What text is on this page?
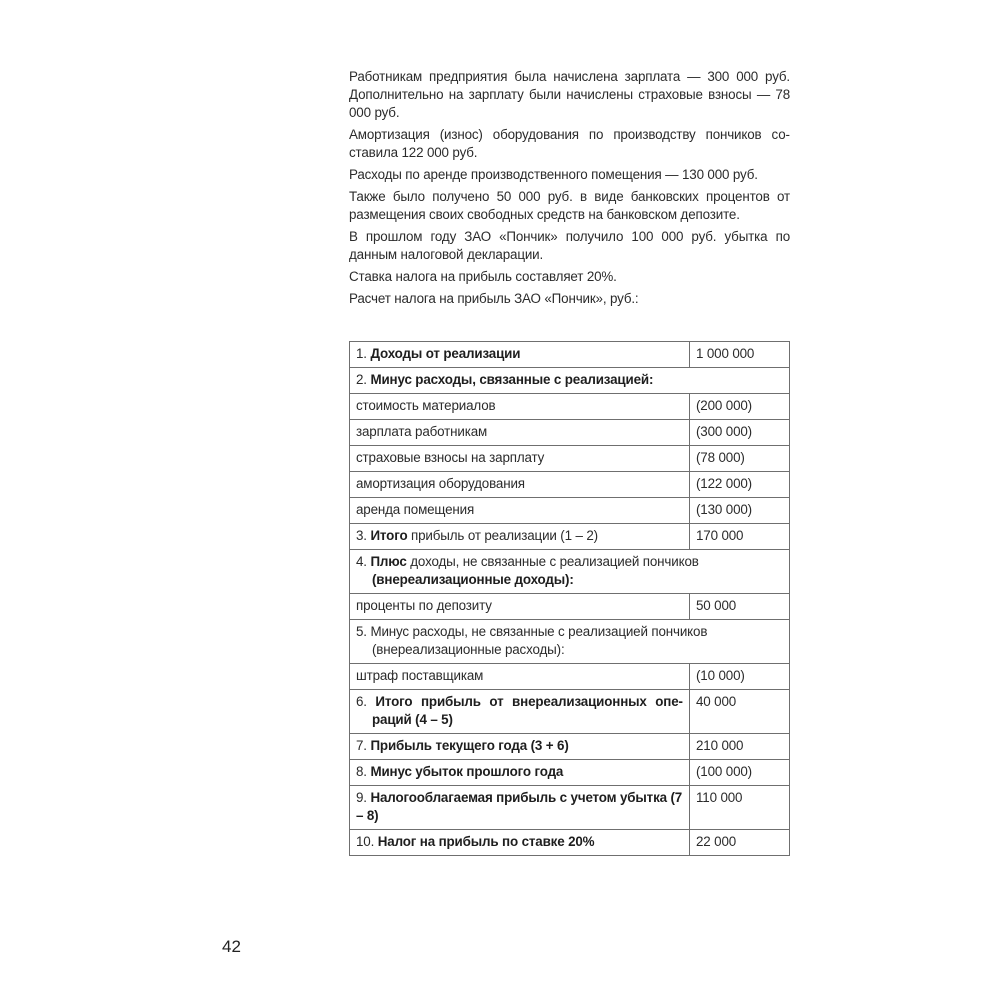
Работникам предприятия была начислена зарплата — 300 000 руб. Дополнительно на зарплату были начислены страховые взносы — 78 000 руб.

Амортизация (износ) оборудования по производству пончиков составила 122 000 руб.

Расходы по аренде производственного помещения — 130 000 руб.

Также было получено 50 000 руб. в виде банковских процентов от размещения своих свободных средств на банковском депозите.

В прошлом году ЗАО «Пончик» получило 100 000 руб. убытка по данным налоговой декларации.

Ставка налога на прибыль составляет 20%.

Расчет налога на прибыль ЗАО «Пончик», руб.:

1. Доходы от реализации	1 000 000
2. Минус расходы, связанные с реализацией:	
стоимость материалов	(200 000)
зарплата работникам	(300 000)
страховые взносы на зарплату	(78 000)
амортизация оборудования	(122 000)
аренда помещения	(130 000)
3. Итого прибыль от реализации (1 – 2)	170 000
4. Плюс доходы, не связанные с реализацией пончиков (внереализационные доходы):	
проценты по депозиту	50 000
5. Минус расходы, не связанные с реализацией пончиков (внереализационные расходы):	
штраф поставщикам	(10 000)
6. Итого прибыль от внереализационных операций (4 – 5)	40 000
7. Прибыль текущего года (3 + 6)	210 000
8. Минус убыток прошлого года	(100 000)
9. Налогооблагаемая прибыль с учетом убытка (7 – 8)	110 000
10. Налог на прибыль по ставке 20%	22 000
42
